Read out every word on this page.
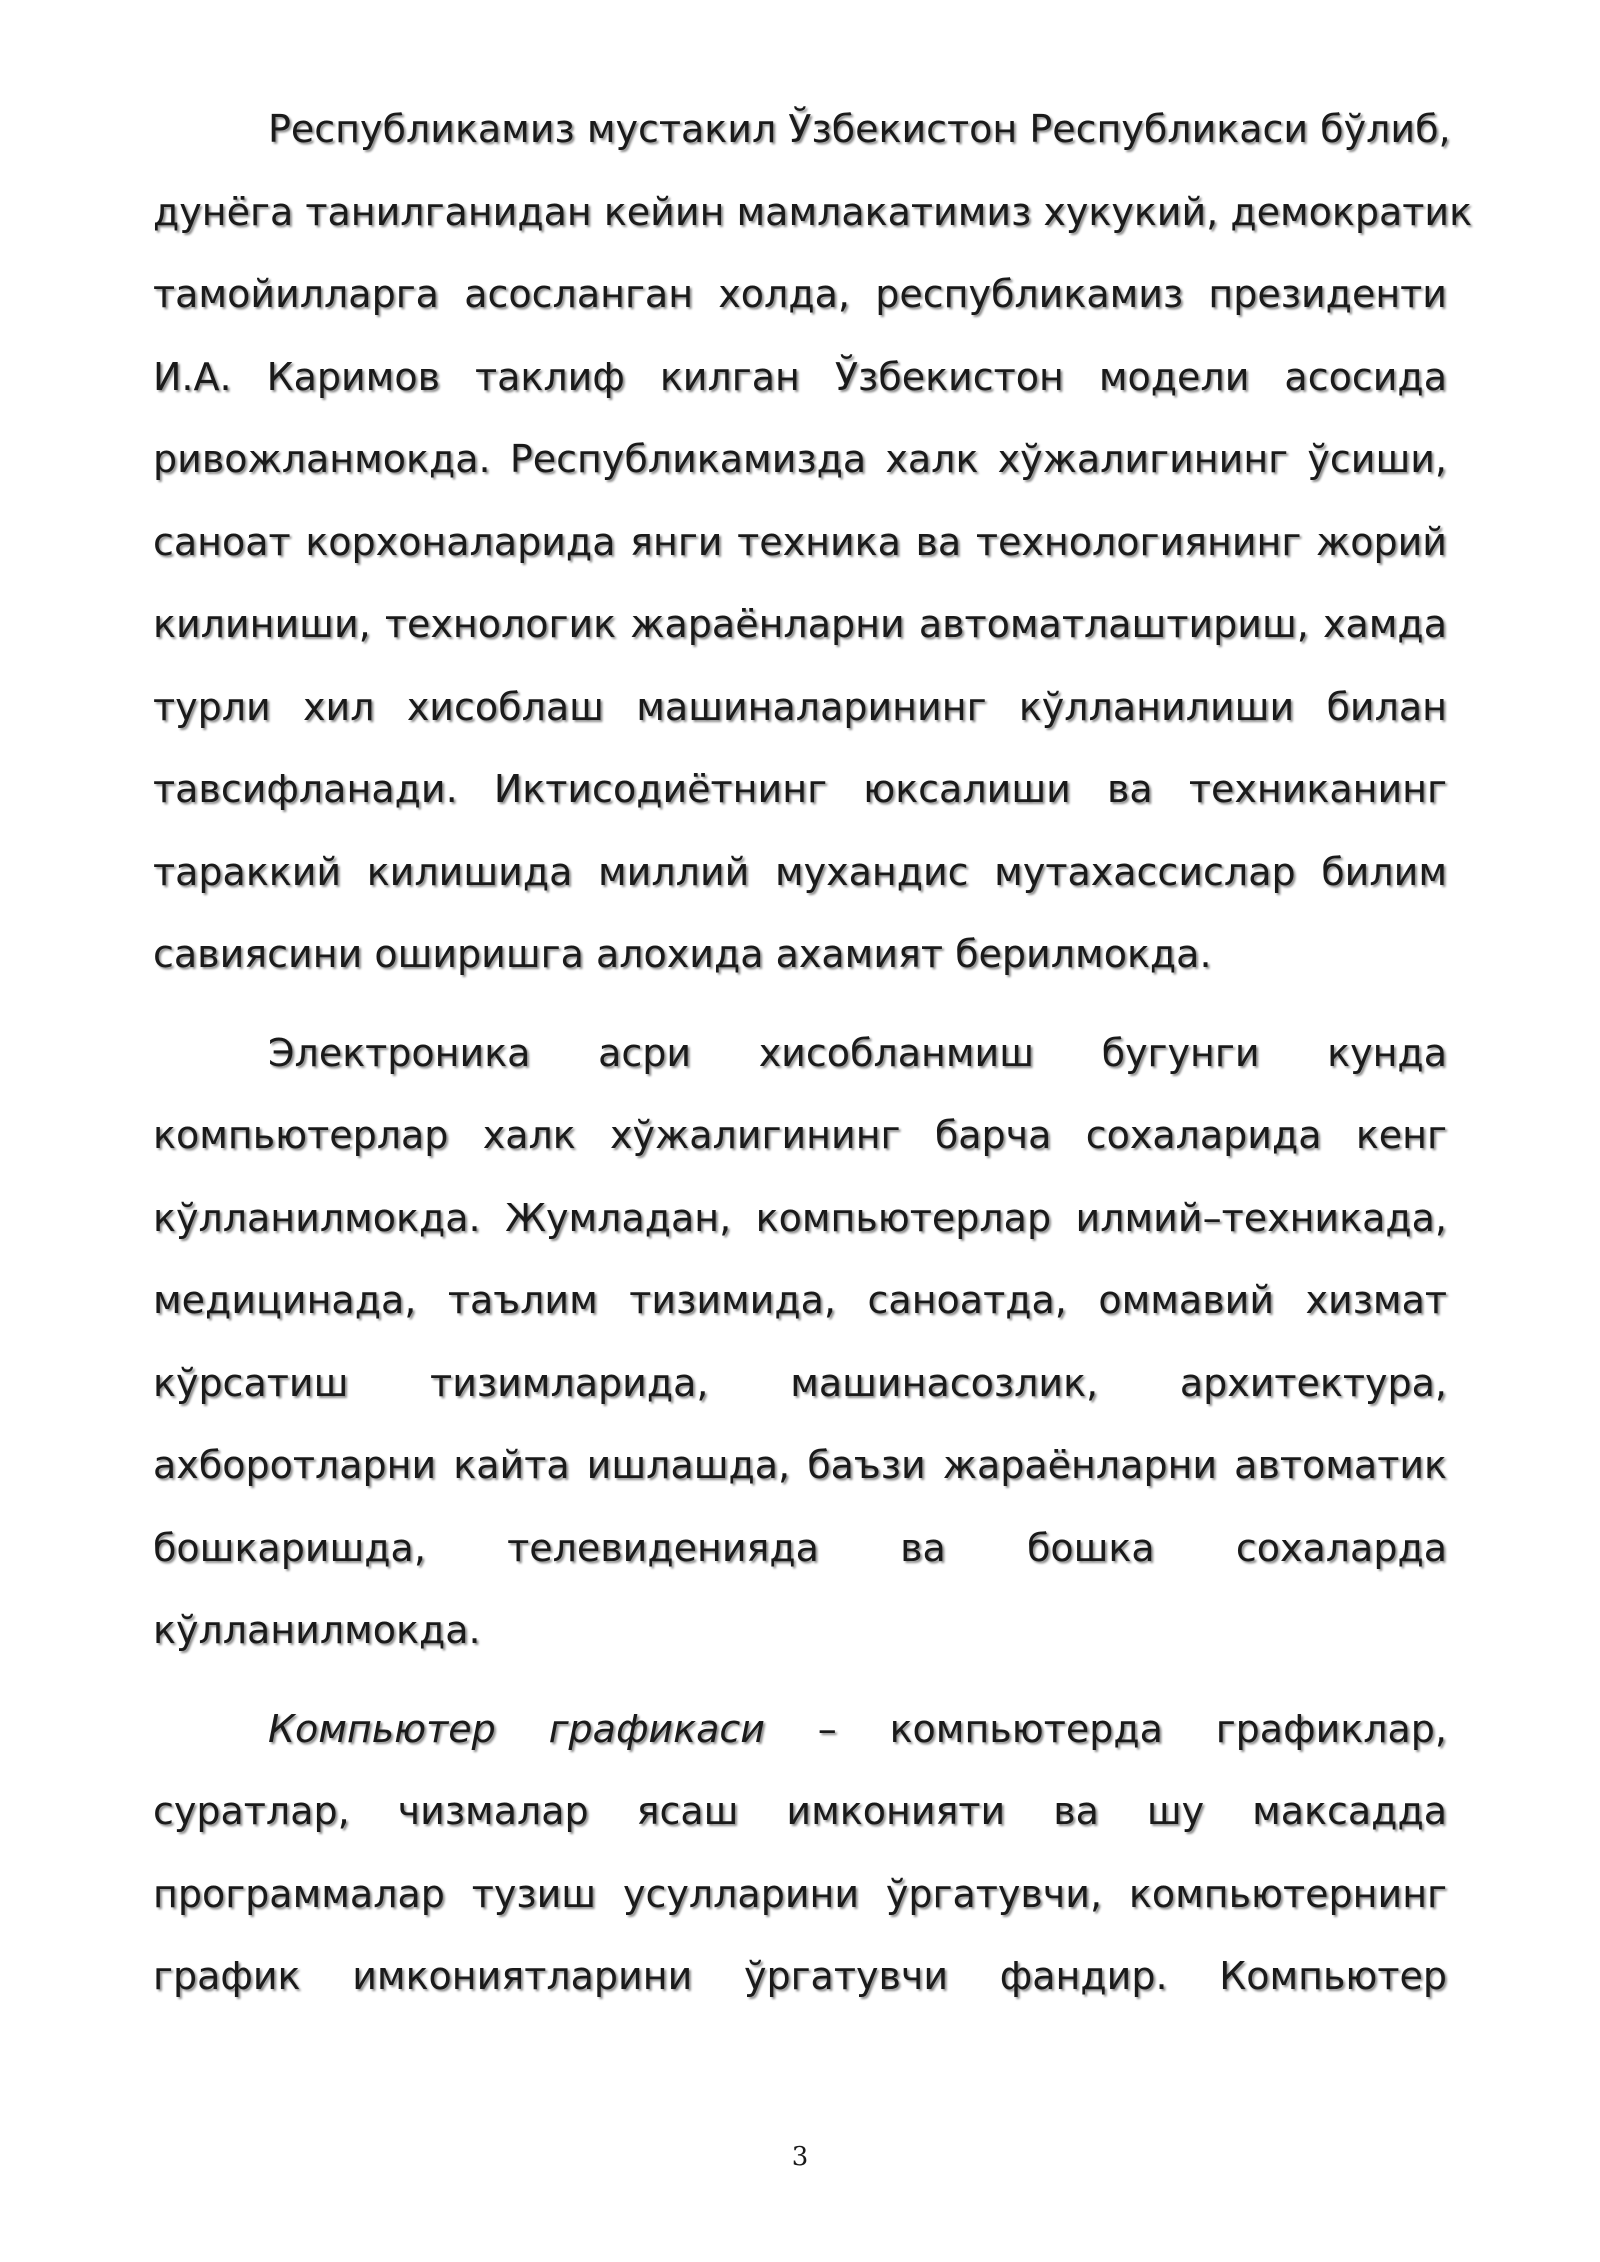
Республикамиз мустакил Ўзбекистон Республикаси бўлиб,
дунёга танилганидан кейин мамлакатимиз хукукий, демократик
тамойилларга асосланган холда, республикамиз президенти
И.А. Каримов таклиф килган Ўзбекистон модели асосида
ривожланмокда. Республикамизда халк хўжалигининг ўсиши,
саноат корхоналарида янги техника ва технологиянинг жорий
килиниши, технологик жараёнларни автоматлаштириш, хамда
турли хил хисоблаш машиналарининг кўлланилиши билан
тавсифланади. Иктисодиётнинг юксалиши ва техниканинг
тараккий килишида миллий мухандис мутахассислар билим
савиясини оширишга алохида ахамият берилмокда.

Электроника асри хисобланмиш бугунги кунда
компьютерлар халк хўжалигининг барча сохаларида кенг
кўлланилмокда. Жумладан, компьютерлар илмий–техникада,
медицинада, таълим тизимида, саноатда, оммавий хизмат
кўрсатиш тизимларида, машинасозлик, архитектура,
ахборотларни кайта ишлашда, баъзи жараёнларни автоматик
бошкаришда, телевиденияда ва бошка сохаларда
кўлланилмокда.

Компьютер графикаси – компьютерда графиклар,
суратлар, чизмалар ясаш имконияти ва шу максадда
программалар тузиш усулларини ўргатувчи, компьютернинг
график имкониятларини ўргатувчи фандир. Компьютер

3
